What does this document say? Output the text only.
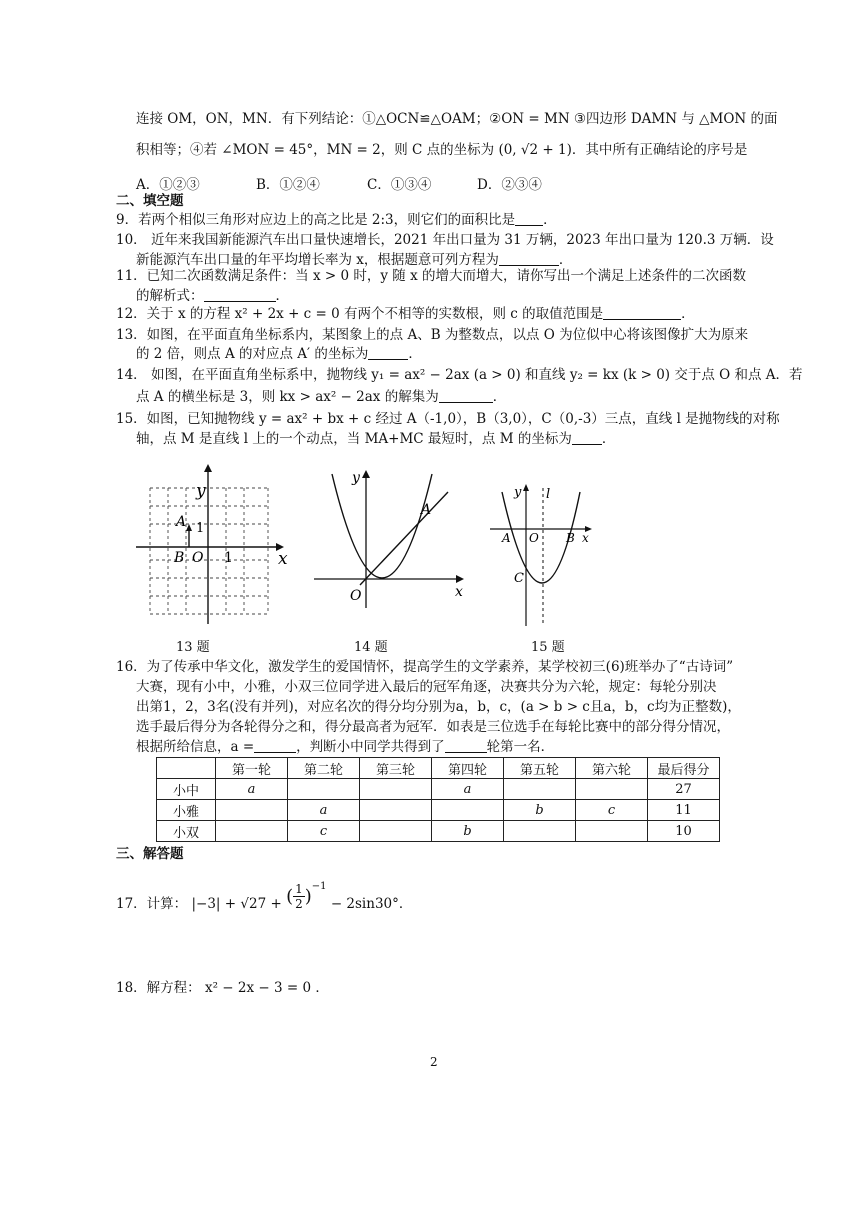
连接 OM，ON，MN．有下列结论：①△OCN≌△OAM；②ON = MN ③四边形 DAMN 与 △MON 的面
积相等；④若 ∠MON = 45°，MN = 2，则 C 点的坐标为 (0, √2 + 1)．其中所有正确结论的序号是
A．①②③	B．①②④	C．①③④	D．②③④
二、填空题
9．若两个相似三角形对应边上的高之比是 2:3，则它们的面积比是 ．
10． 近年来我国新能源汽车出口量快速增长，2021 年出口量为 31 万辆，2023 年出口量为 120.3 万辆．设
新能源汽车出口量的年平均增长率为 x，根据题意可列方程为	．
11．已知二次函数满足条件：当 x > 0 时，y 随 x 的增大而增大，请你写出一个满足上述条件的二次函数
的解析式：	．
12．关于 x 的方程 x² + 2x + c = 0 有两个不相等的实数根，则 c 的取值范围是	．
13．如图，在平面直角坐标系内，某图象上的点 A、B 为整数点，以点 O 为位似中心将该图像扩大为原来
的 2 倍，则点 A 的对应点 A′ 的坐标为	．
14． 如图，在平面直角坐标系中，抛物线 y₁ = ax² − 2ax (a > 0) 和直线 y₂ = kx (k > 0) 交于点 O 和点 A．若
点 A 的横坐标是 3，则 kx > ax² − 2ax 的解集为	．
15．如图，已知抛物线 y = ax² + bx + c 经过 A（-1,0），B（3,0），C（0,-3）三点，直线 l 是抛物线的对称
轴，点 M 是直线 l 上的一个动点，当 MA+MC 最短时，点 M 的坐标为 ．
y
x
A
B O 1
1
y
x
A
O
y l
A O B x
C
13 题	14 题	15 题
16．为了传承中华文化，激发学生的爱国情怀，提高学生的文学素养，某学校初三(6)班举办了“古诗词”
大赛，现有小中，小雅，小双三位同学进入最后的冠军角逐，决赛共分为六轮，规定：每轮分别决
出第1，2，3名(没有并列)，对应名次的得分均分别为a，b，c，(a > b > c且a，b，c均为正整数)，
选手最后得分为各轮得分之和，得分最高者为冠军．如表是三位选手在每轮比赛中的部分得分情况，
根据所给信息，a =	，判断小中同学共得到了	轮第一名．
	第一轮	第二轮	第三轮	第四轮	第五轮	第六轮	最后得分
小中	a			a			27
小雅		a			b	c	11
小双		c		b			10
三、解答题
17．计算： |−3| + √27 + ( $\frac{1}{2} )^{-1} - 2\sin 30^\circ$．
18．解方程： x² − 2x − 3 = 0 ．
2
